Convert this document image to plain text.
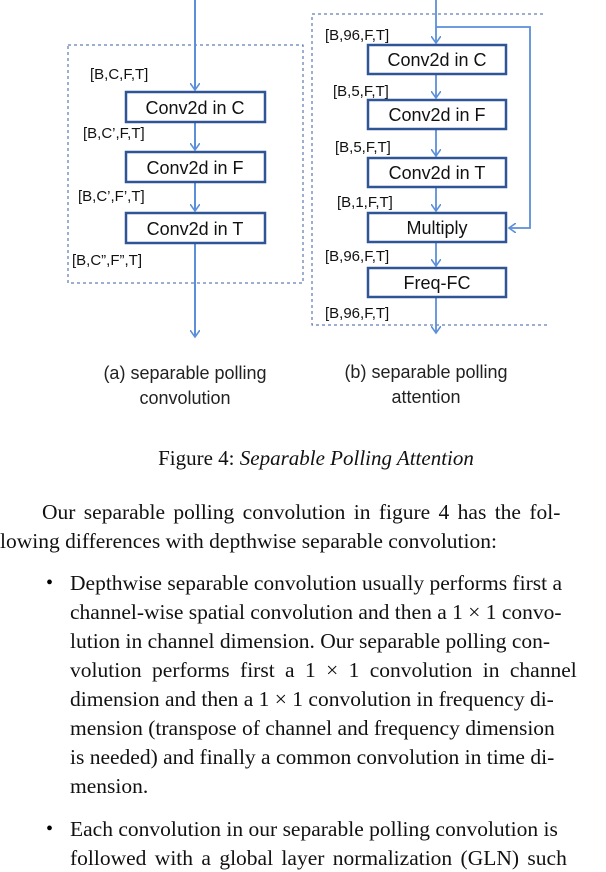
Conv2d in C
Conv2d in F
Conv2d in T
[B,C,F,T]
[B,C’,F,T]
[B,C’,F’,T]
[B,C”,F”,T]
(a) separable polling
convolution
Conv2d in C
Conv2d in F
Conv2d in T
Multiply
Freq-FC
[B,96,F,T]
[B,5,F,T]
[B,5,F,T]
[B,1,F,T]
[B,96,F,T]
[B,96,F,T]
(b) separable polling
attention
Figure 4: Separable Polling Attention
Our separable polling convolution in figure 4 has the fol-
lowing differences with depthwise separable convolution:
• Depthwise separable convolution usually performs first a
channel-wise spatial convolution and then a 1 × 1 convo-
lution in channel dimension. Our separable polling con-
volution performs first a 1 × 1 convolution in channel
dimension and then a 1 × 1 convolution in frequency di-
mension (transpose of channel and frequency dimension
is needed) and finally a common convolution in time di-
mension.
• Each convolution in our separable polling convolution is
followed with a global layer normalization (GLN) such
